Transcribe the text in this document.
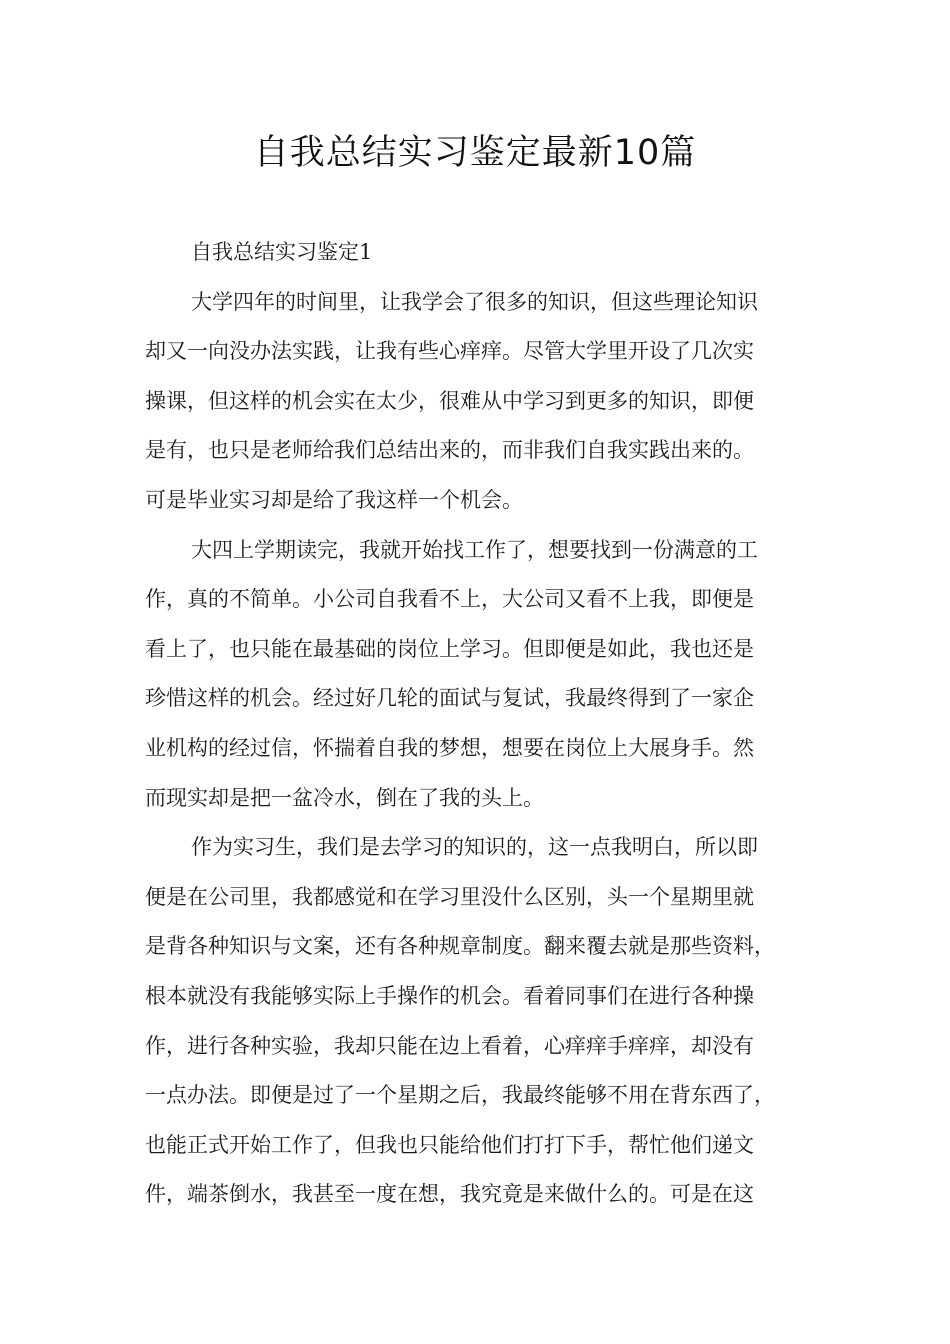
自我总结实习鉴定最新10篇
自我总结实习鉴定1
大学四年的时间里，让我学会了很多的知识，但这些理论知识
却又一向没办法实践，让我有些心痒痒。尽管大学里开设了几次实
操课，但这样的机会实在太少，很难从中学习到更多的知识，即便
是有，也只是老师给我们总结出来的，而非我们自我实践出来的。
可是毕业实习却是给了我这样一个机会。
大四上学期读完，我就开始找工作了，想要找到一份满意的工
作，真的不简单。小公司自我看不上，大公司又看不上我，即便是
看上了，也只能在最基础的岗位上学习。但即便是如此，我也还是
珍惜这样的机会。经过好几轮的面试与复试，我最终得到了一家企
业机构的经过信，怀揣着自我的梦想，想要在岗位上大展身手。然
而现实却是把一盆冷水，倒在了我的头上。
作为实习生，我们是去学习的知识的，这一点我明白，所以即
便是在公司里，我都感觉和在学习里没什么区别，头一个星期里就
是背各种知识与文案，还有各种规章制度。翻来覆去就是那些资料，
根本就没有我能够实际上手操作的机会。看着同事们在进行各种操
作，进行各种实验，我却只能在边上看着，心痒痒手痒痒，却没有
一点办法。即便是过了一个星期之后，我最终能够不用在背东西了，
也能正式开始工作了，但我也只能给他们打打下手，帮忙他们递文
件，端茶倒水，我甚至一度在想，我究竟是来做什么的。可是在这
